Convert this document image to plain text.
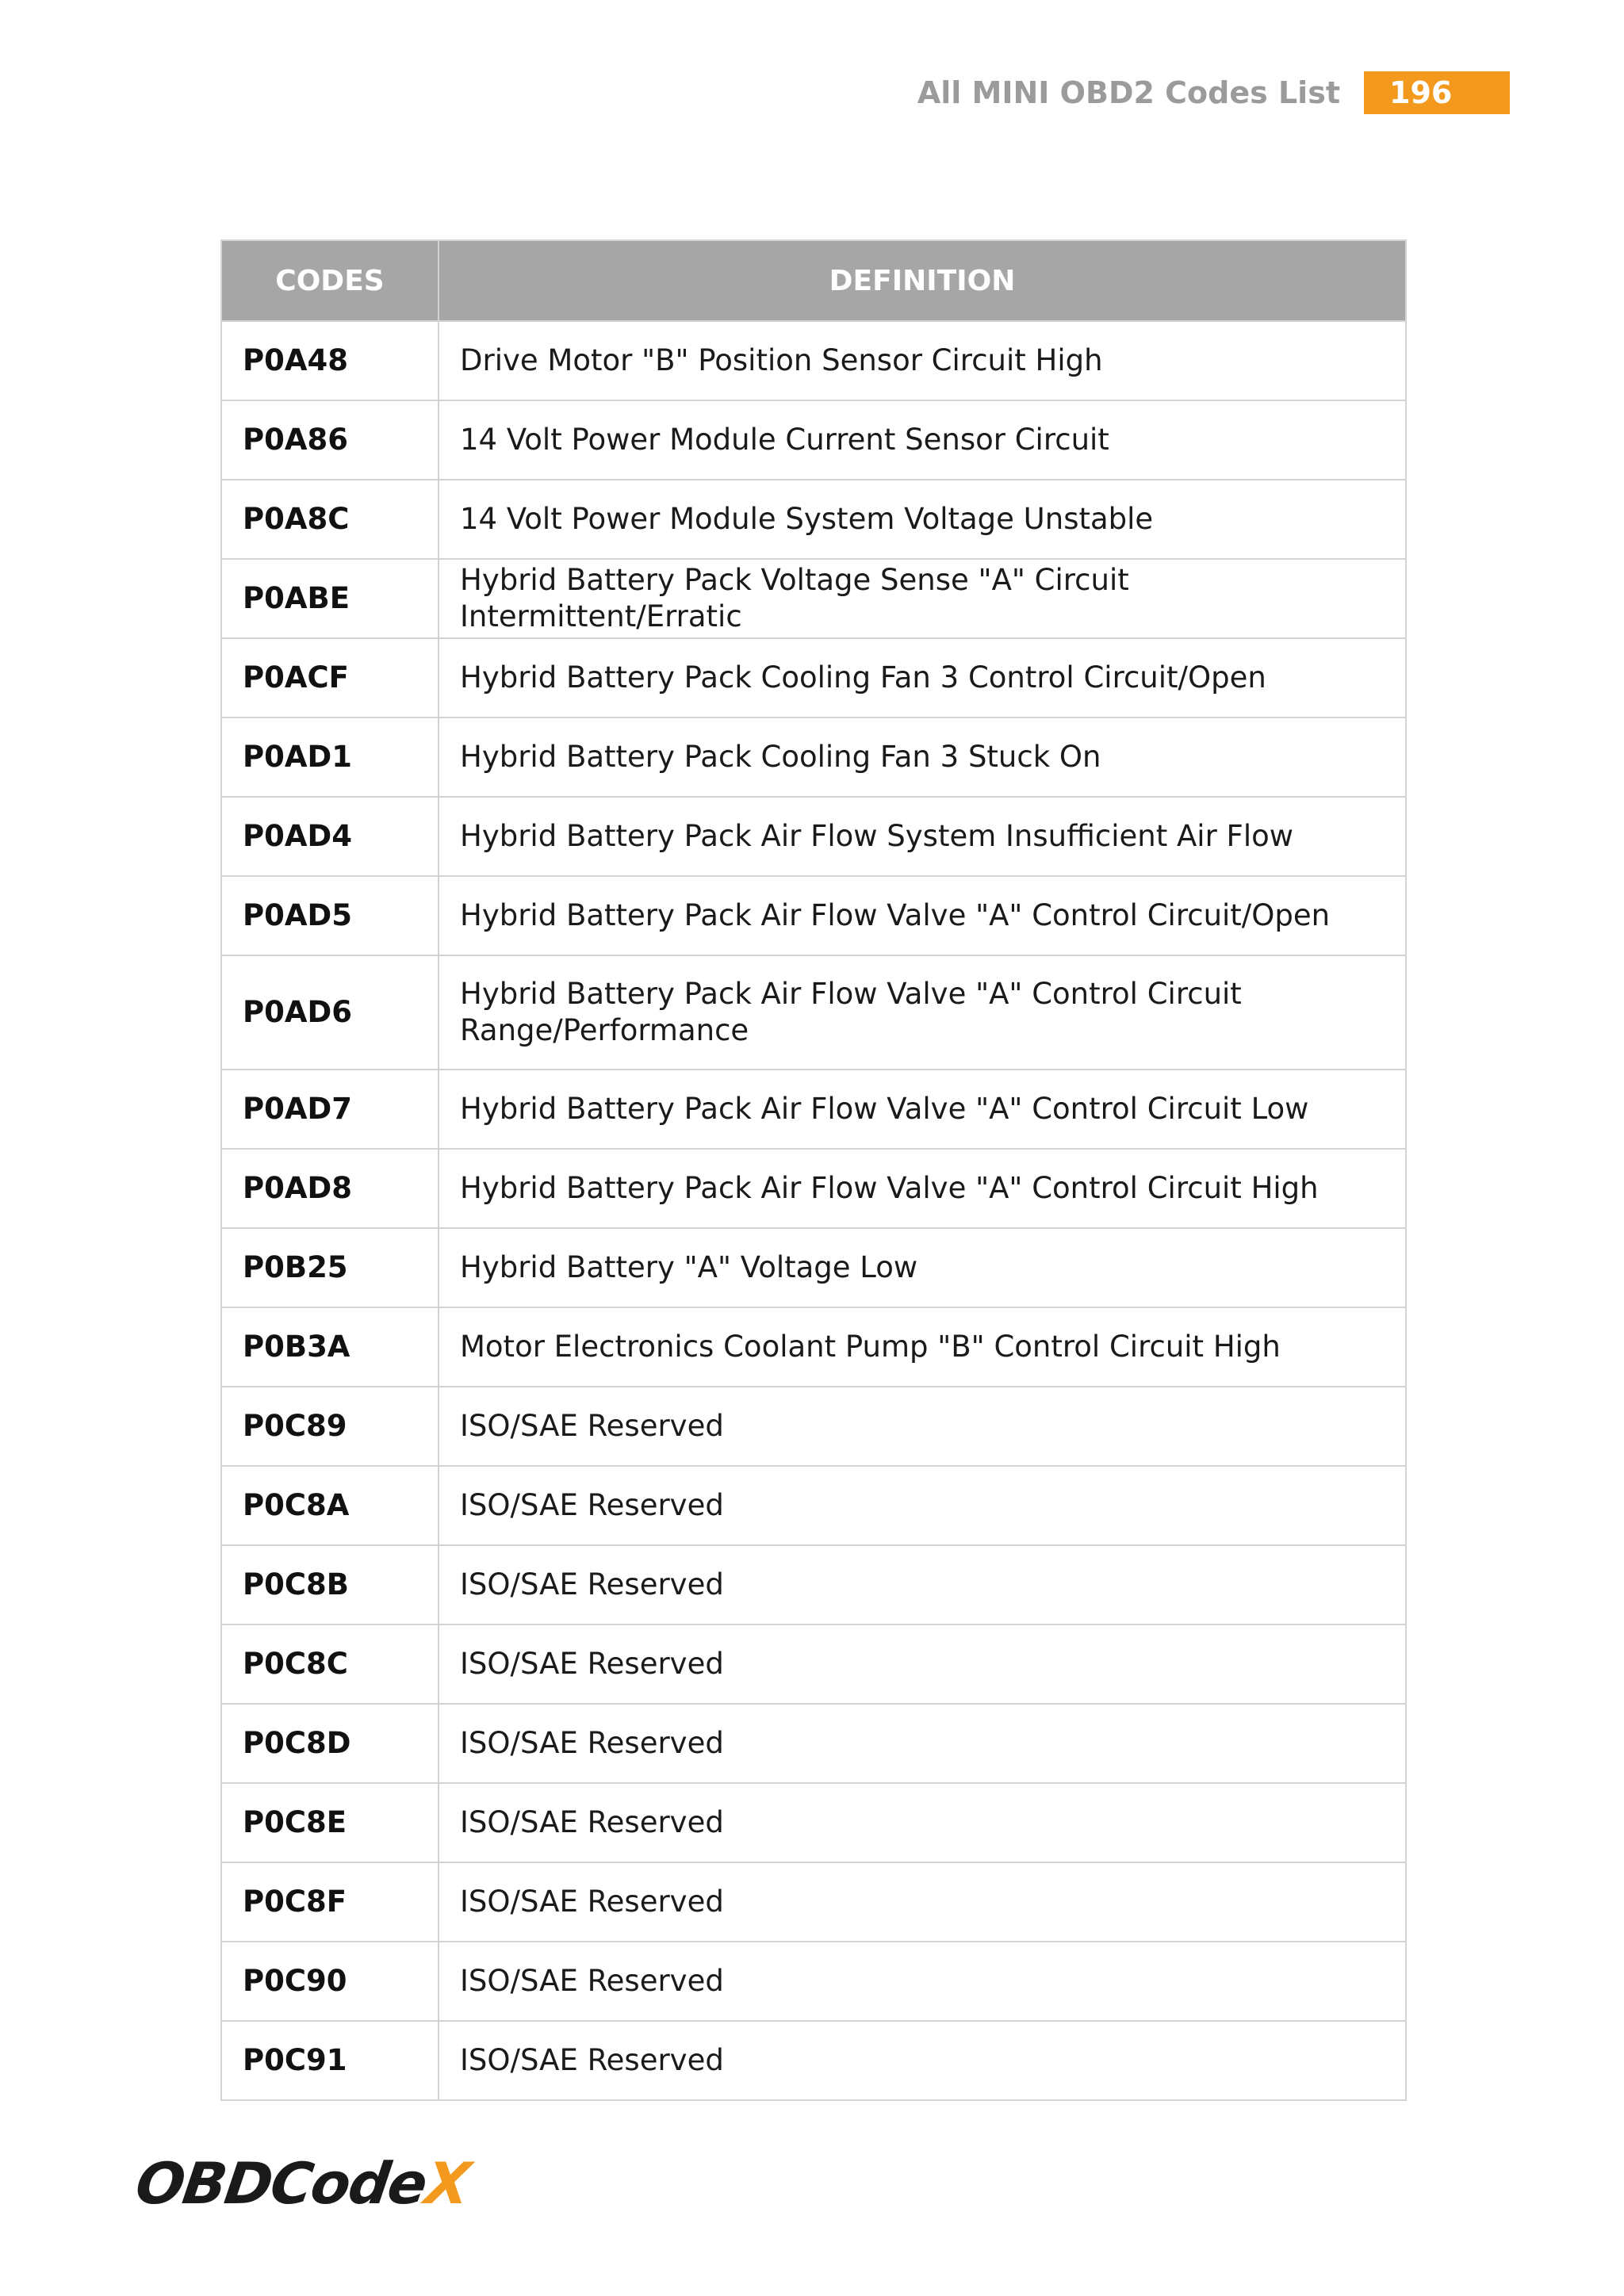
All MINI OBD2 Codes List	196
CODES	DEFINITION
P0A48	Drive Motor "B" Position Sensor Circuit High
P0A86	14 Volt Power Module Current Sensor Circuit
P0A8C	14 Volt Power Module System Voltage Unstable
P0ABE	Hybrid Battery Pack Voltage Sense "A" Circuit Intermittent/Erratic
P0ACF	Hybrid Battery Pack Cooling Fan 3 Control Circuit/Open
P0AD1	Hybrid Battery Pack Cooling Fan 3 Stuck On
P0AD4	Hybrid Battery Pack Air Flow System Insufficient Air Flow
P0AD5	Hybrid Battery Pack Air Flow Valve "A" Control Circuit/Open
P0AD6	Hybrid Battery Pack Air Flow Valve "A" Control Circuit Range/Performance
P0AD7	Hybrid Battery Pack Air Flow Valve "A" Control Circuit Low
P0AD8	Hybrid Battery Pack Air Flow Valve "A" Control Circuit High
P0B25	Hybrid Battery "A" Voltage Low
P0B3A	Motor Electronics Coolant Pump "B" Control Circuit High
P0C89	ISO/SAE Reserved
P0C8A	ISO/SAE Reserved
P0C8B	ISO/SAE Reserved
P0C8C	ISO/SAE Reserved
P0C8D	ISO/SAE Reserved
P0C8E	ISO/SAE Reserved
P0C8F	ISO/SAE Reserved
P0C90	ISO/SAE Reserved
P0C91	ISO/SAE Reserved
OBDCode
X
